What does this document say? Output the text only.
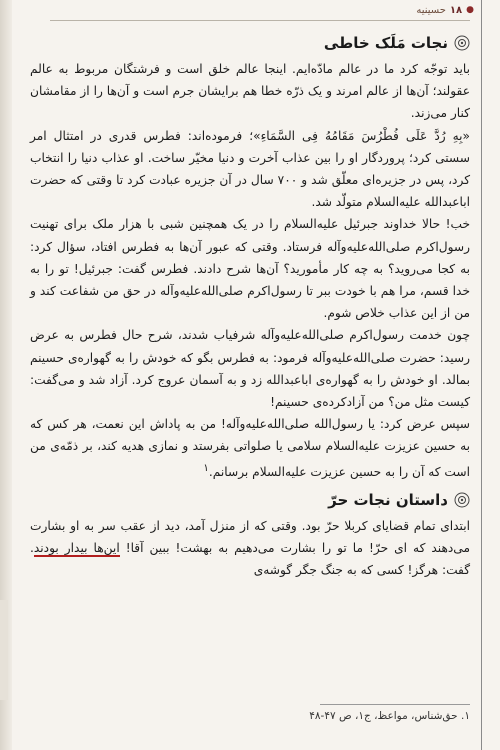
●
۱۸
حسینیه
نجات مَلَک خاطی

باید توجّه کرد ما در عالم مادّه‌ایم. اینجا عالم خلق است و فرشتگان مربوط به عالم عقولند؛ آن‌ها از عالم امرند و یک ذرّه خطا هم برایشان جرم است و آن‌ها را از مقامشان کنار می‌زند.

«بِهِ رُدَّ عَلَی فُطْرُسَ مَقَامُهُ فِی السَّمَاءِ»؛ فرموده‌اند: فطرس قدری در امتثال امر سستی کرد؛ پروردگار او را بین عذاب آخرت و دنیا مخیّر ساخت. او عذاب دنیا را انتخاب کرد، پس در جزیره‌ای معلّق شد و ۷۰۰ سال در آن جزیره عبادت کرد تا وقتی که حضرت اباعبدالله علیه‌السلام متولّد شد.

خب! حالا خداوند جبرئیل علیه‌السلام را در یک همچنین شبی با هزار ملک برای تهنیت رسول‌اکرم صلی‌الله‌علیه‌وآله فرستاد. وقتی که عبور آن‌ها به فطرس افتاد، سؤال کرد: به کجا می‌روید؟ به چه کار مأمورید؟ آن‌ها شرح دادند. فطرس گفت: جبرئیل! تو را به خدا قسم، مرا هم با خودت ببر تا رسول‌اکرم صلی‌الله‌علیه‌وآله در حق من شفاعت کند و من از این عذاب خلاص شوم.

چون خدمت رسول‌اکرم صلی‌الله‌علیه‌وآله شرفیاب شدند، شرح حال فطرس به عرض رسید: حضرت صلی‌الله‌علیه‌وآله فرمود: به فطرس بگو که خودش را به گهواره‌ی حسینم بمالد. او خودش را به گهواره‌ی اباعبدالله زد و به آسمان عروج کرد. آزاد شد و می‌گفت: کیست مثل من؟ من آزادکرده‌ی حسینم!

سپس عرض کرد: یا رسول‌الله صلی‌الله‌علیه‌وآله! من به پاداش این نعمت، هر کس که به حسین عزیزت علیه‌السلام سلامی یا صلواتی بفرستد و نمازی هدیه کند، بر ذمّه‌ی من است که آن را به حسین عزیزت علیه‌السلام برسانم.$^۱$

داستان نجات حرّ

ابتدای تمام قضایای کربلا حرّ بود. وقتی که از منزل آمد، دید از عقب سر به او بشارت می‌دهند که ای حرّ! ما تو را بشارت می‌دهیم به بهشت! ببین آقا! این‌ها بیدار بودند. گفت: هرگز! کسی که به جنگ جگر گوشه‌ی

۱. حق‌شناس، مواعظ، ج۱، ص ۴۷-۴۸
